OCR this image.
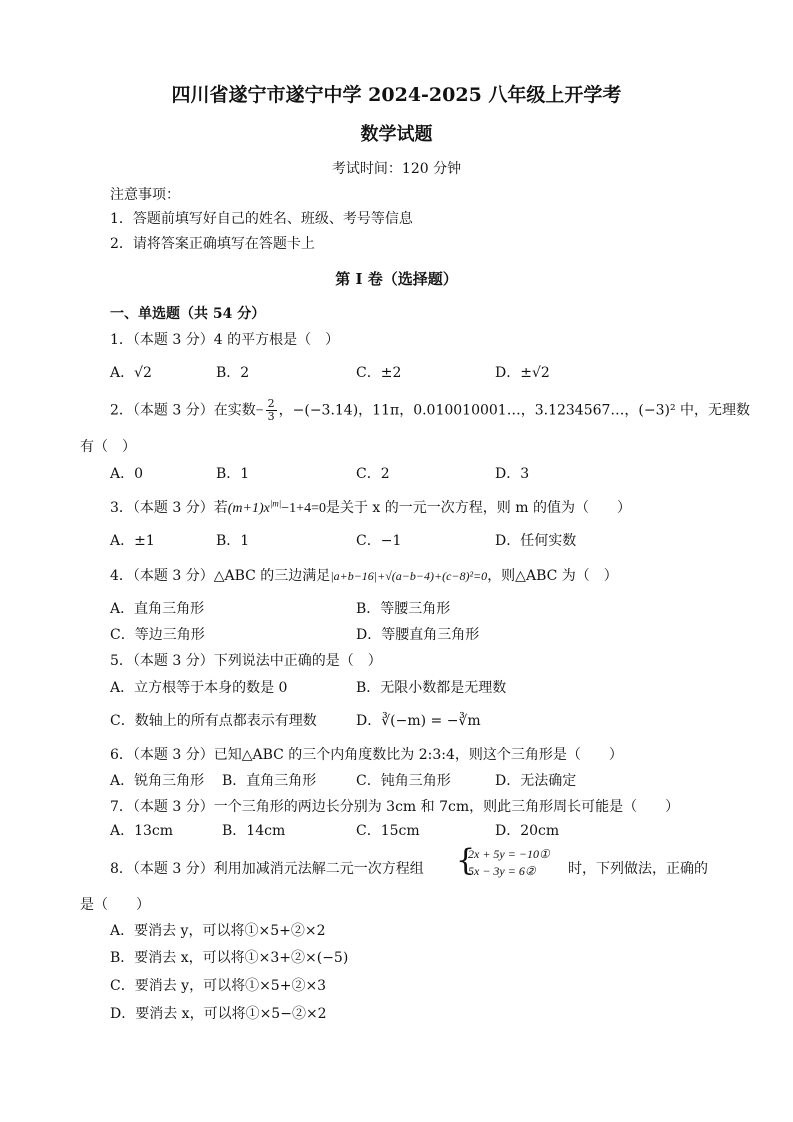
四川省遂宁市遂宁中学 2024-2025 八年级上开学考
数学试题
考试时间：120 分钟
注意事项：
1．答题前填写好自己的姓名、班级、考号等信息
2．请将答案正确填写在答题卡上
第 I 卷（选择题）
一、单选题（共 54 分）
1．（本题 3 分）4 的平方根是（　）
A．√2	B．2	C．±2	D．±√2
2．（本题 3 分）在实数− $\frac{2}{3}$ ，−(−3.14)，11π，0.010010001…，3.1234567…，(−3)² 中，无理数
有（　）
A．0	B．1	C．2	D．3
3．（本题 3 分）若$(m+1)x^{|m|}-1+4=0$是关于 x 的一元一次方程，则 m 的值为（　　）
A．±1	B．1	C．−1	D．任何实数
4．（本题 3 分）△ABC 的三边满足|a+b−16|+√(a−b−4)+(c−8)²=0，则△ABC 为（　）
A．直角三角形	B．等腰三角形
C．等边三角形	D．等腰直角三角形
5．（本题 3 分）下列说法中正确的是（　）
A．立方根等于本身的数是 0	B．无限小数都是无理数
C．数轴上的所有点都表示有理数	D．∛(−m) = −∛m
6．（本题 3 分）已知△ABC 的三个内角度数比为 2:3:4，则这个三角形是（　　）
A．锐角三角形 B．直角三角形	C．钝角三角形	D．无法确定
7．（本题 3 分）一个三角形的两边长分别为 3cm 和 7cm，则此三角形周长可能是（　　）
A．13cm	B．14cm	C．15cm	D．20cm
8．（本题 3 分）利用加减消元法解二元一次方程组 {
2x + 5y = −10①
5x − 3y = 6②	时，下列做法，正确的
是（　　）
A．要消去 y，可以将①×5+②×2
B．要消去 x，可以将①×3+②×(−5)
C．要消去 y，可以将①×5+②×3
D．要消去 x，可以将①×5−②×2
